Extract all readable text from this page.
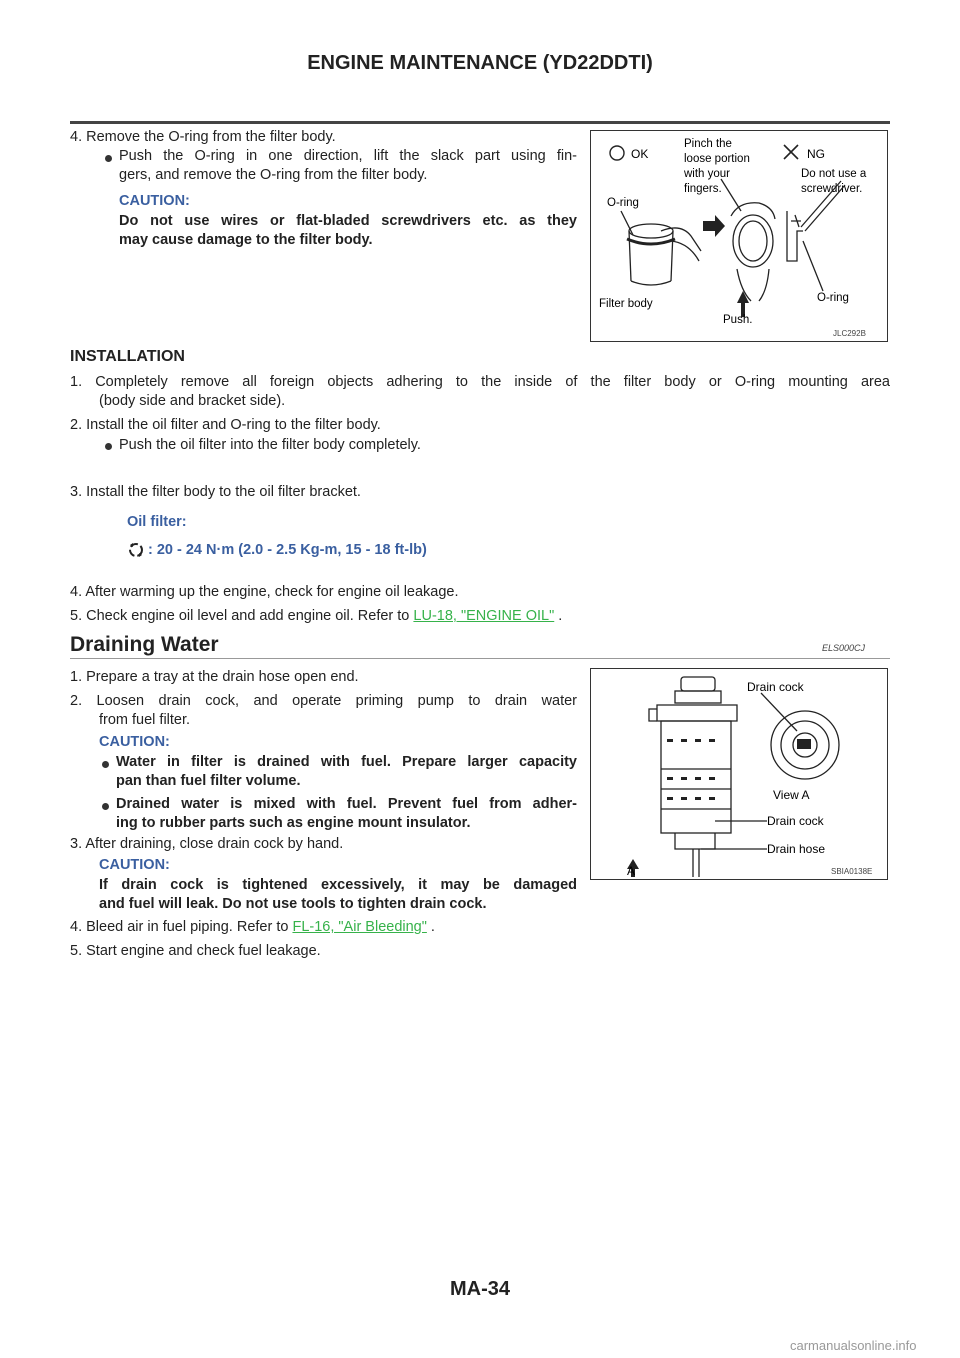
ENGINE MAINTENANCE (YD22DDTI)
4. Remove the O-ring from the filter body.
Push the O-ring in one direction, lift the slack part using fin-
gers, and remove the O-ring from the filter body.
CAUTION:
Do not use wires or flat-bladed screwdrivers etc. as they
may cause damage to the filter body.
OK
Pinch the
loose portion
with your
fingers.
NG
Do not use a
screwdriver.
O-ring
Filter body
Push.
O-ring
JLC292B
INSTALLATION
1. Completely remove all foreign objects adhering to the inside of the filter body or O-ring mounting area
(body side and bracket side).
2. Install the oil filter and O-ring to the filter body.
Push the oil filter into the filter body completely.
3. Install the filter body to the oil filter bracket.
Oil filter:
: 20 - 24 N·m (2.0 - 2.5 Kg-m, 15 - 18 ft-lb)
4. After warming up the engine, check for engine oil leakage.
5. Check engine oil level and add engine oil. Refer to LU-18, "ENGINE OIL" .
Draining Water	ELS000CJ
1. Prepare a tray at the drain hose open end.
2. Loosen drain cock, and operate priming pump to drain water
from fuel filter.
CAUTION:
Water in filter is drained with fuel. Prepare larger capacity
pan than fuel filter volume.
Drained water is mixed with fuel. Prevent fuel from adher-
ing to rubber parts such as engine mount insulator.
3. After draining, close drain cock by hand.
CAUTION:
If drain cock is tightened excessively, it may be damaged
and fuel will leak. Do not use tools to tighten drain cock.
4. Bleed air in fuel piping. Refer to FL-16, "Air Bleeding" .
5. Start engine and check fuel leakage.
Drain cock
View A
Drain cock
Drain hose
A	SBIA0138E
MA-34
carmanualsonline.info
